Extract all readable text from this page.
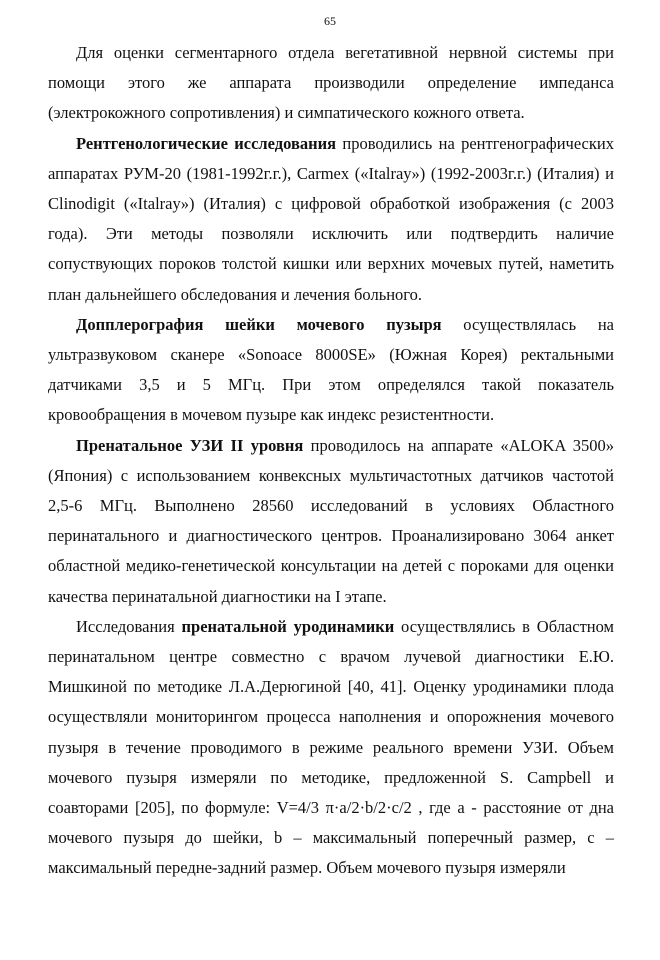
65

Для оценки сегментарного отдела вегетативной нервной системы при помощи этого же аппарата производили определение импеданса (электрокожного сопротивления) и симпатического кожного ответа.

Рентгенологические исследования проводились на рентгенографических аппаратах РУМ-20 (1981-1992г.г.), Carmex («Italray») (1992-2003г.г.) (Италия) и Clinodigit («Italray») (Италия) с цифровой обработкой изображения (с 2003 года). Эти методы позволяли исключить или подтвердить наличие сопуствующих пороков толстой кишки или верхних мочевых путей, наметить план дальнейшего обследования и лечения больного.

Допплерография шейки мочевого пузыря осуществлялась на ультразвуковом сканере «Sonoace 8000SE» (Южная Корея) ректальными датчиками 3,5 и 5 МГц. При этом определялся такой показатель кровообращения в мочевом пузыре как индекс резистентности.

Пренатальное УЗИ II уровня проводилось на аппарате «ALOKA 3500» (Япония) с использованием конвексных мультичастотных датчиков частотой 2,5-6 МГц. Выполнено 28560 исследований в условиях Областного перинатального и диагностического центров. Проанализировано 3064 анкет областной медико-генетической консультации на детей с пороками для оценки качества перинатальной диагностики на I этапе.

Исследования пренатальной уродинамики осуществлялись в Областном перинатальном центре совместно с врачом лучевой диагностики Е.Ю. Мишкиной по методике Л.А.Дерюгиной [40, 41]. Оценку уродинамики плода осуществляли мониторингом процесса наполнения и опорожнения мочевого пузыря в течение проводимого в режиме реального времени УЗИ. Объем мочевого пузыря измеряли по методике, предложенной S. Campbell и соавторами [205], по формуле: V=4/3 π·a/2·b/2·c/2 , где а - расстояние от дна мочевого пузыря до шейки, b – максимальный поперечный размер, с – максимальный передне-задний размер. Объем мочевого пузыря измеряли
